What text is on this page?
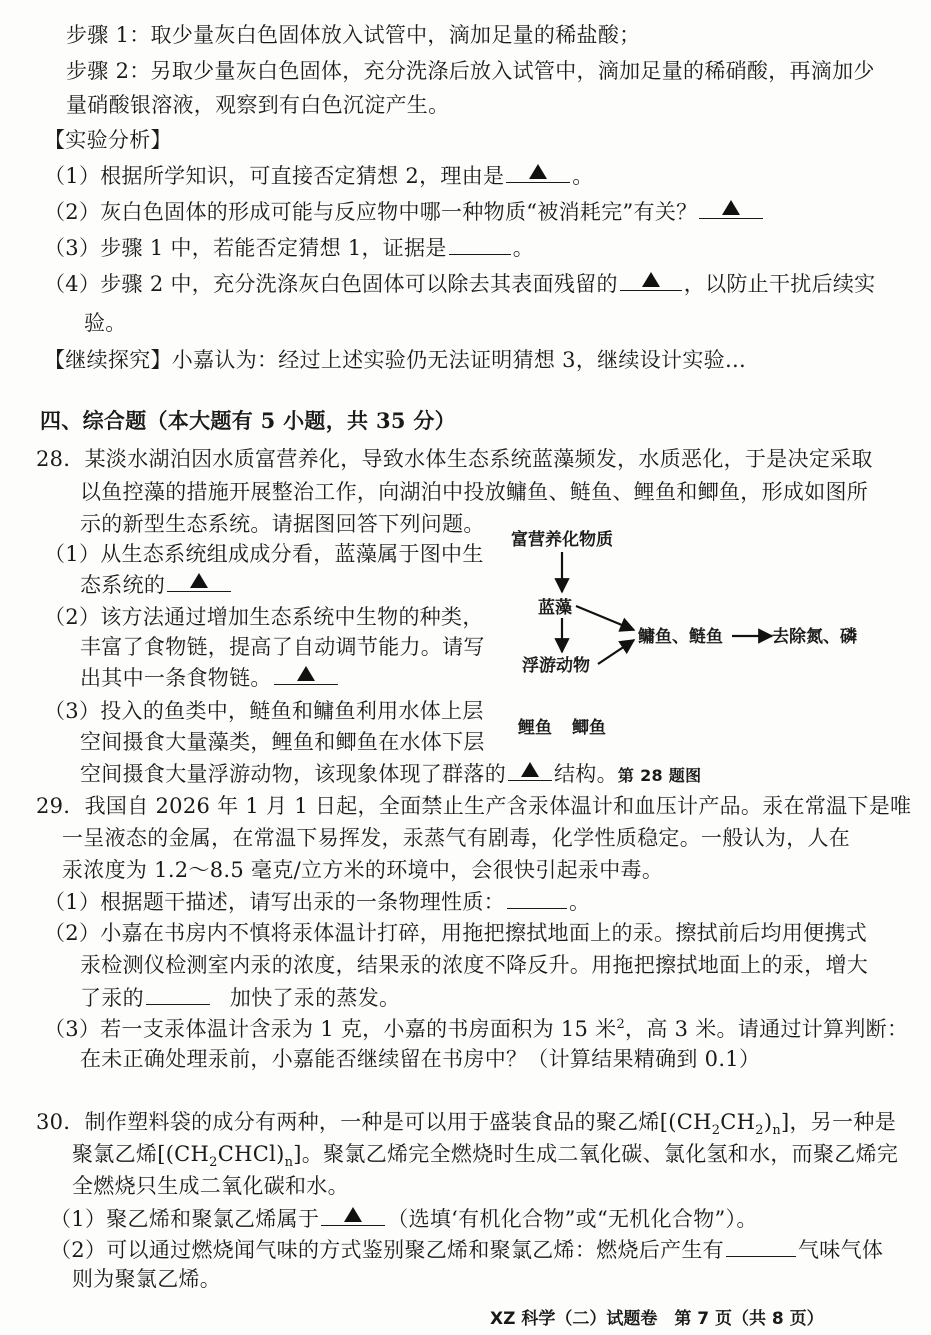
步骤 1：取少量灰白色固体放入试管中，滴加足量的稀盐酸；
步骤 2：另取少量灰白色固体，充分洗涤后放入试管中，滴加足量的稀硝酸，再滴加少
量硝酸银溶液，观察到有白色沉淀产生。
【实验分析】
（1）根据所学知识，可直接否定猜想 2，理由是	。
（2）灰白色固体的形成可能与反应物中哪一种物质“被消耗完”有关？
（3）步骤 1 中，若能否定猜想 1，证据是	。
（4）步骤 2 中，充分洗涤灰白色固体可以除去其表面残留的	，以防止干扰后续实
验。
【继续探究】小嘉认为：经过上述实验仍无法证明猜想 3，继续设计实验…
四、综合题（本大题有 5 小题，共 35 分）
28．某淡水湖泊因水质富营养化，导致水体生态系统蓝藻频发，水质恶化，于是决定采取
以鱼控藻的措施开展整治工作，向湖泊中投放鳙鱼、鲢鱼、鲤鱼和鲫鱼，形成如图所
示的新型生态系统。请据图回答下列问题。
（1）从生态系统组成成分看，蓝藻属于图中生
态系统的
（2）该方法通过增加生态系统中生物的种类，
丰富了食物链，提高了自动调节能力。请写
出其中一条食物链。
（3）投入的鱼类中，鲢鱼和鳙鱼利用水体上层
空间摄食大量藻类，鲤鱼和鲫鱼在水体下层
空间摄食大量浮游动物，该现象体现了群落的 结构。第 28 题图
富营养化物质
蓝藻
浮游动物
鳙鱼、鲢鱼	去除氮、磷
鲤鱼 鲫鱼
29．我国自 2026 年 1 月 1 日起，全面禁止生产含汞体温计和血压计产品。汞在常温下是唯
一呈液态的金属，在常温下易挥发，汞蒸气有剧毒，化学性质稳定。一般认为，人在
汞浓度为 1.2～8.5 毫克/立方米的环境中，会很快引起汞中毒。
（1）根据题干描述，请写出汞的一条物理性质：	。
（2）小嘉在书房内不慎将汞体温计打碎，用拖把擦拭地面上的汞。擦拭前后均用便携式
汞检测仪检测室内汞的浓度，结果汞的浓度不降反升。用拖把擦拭地面上的汞，增大
了汞的	加快了汞的蒸发。
（3）若一支汞体温计含汞为 1 克，小嘉的书房面积为 15 米$^2$，高 3 米。请通过计算判断：
在未正确处理汞前，小嘉能否继续留在书房中？（计算结果精确到 0.1）
30．制作塑料袋的成分有两种，一种是可以用于盛装食品的聚乙烯$[(CH_2CH_2)_n]$，另一种是
聚氯乙烯$[(CH_2CHCl)_n]$。聚氯乙烯完全燃烧时生成二氧化碳、氯化氢和水，而聚乙烯完
全燃烧只生成二氧化碳和水。
（1）聚乙烯和聚氯乙烯属于	（选填‘有机化合物”或“无机化合物”）。
（2）可以通过燃烧闻气味的方式鉴别聚乙烯和聚氯乙烯：燃烧后产生有	气味气体
则为聚氯乙烯。
XZ 科学（二）试题卷　第 7 页（共 8 页）
